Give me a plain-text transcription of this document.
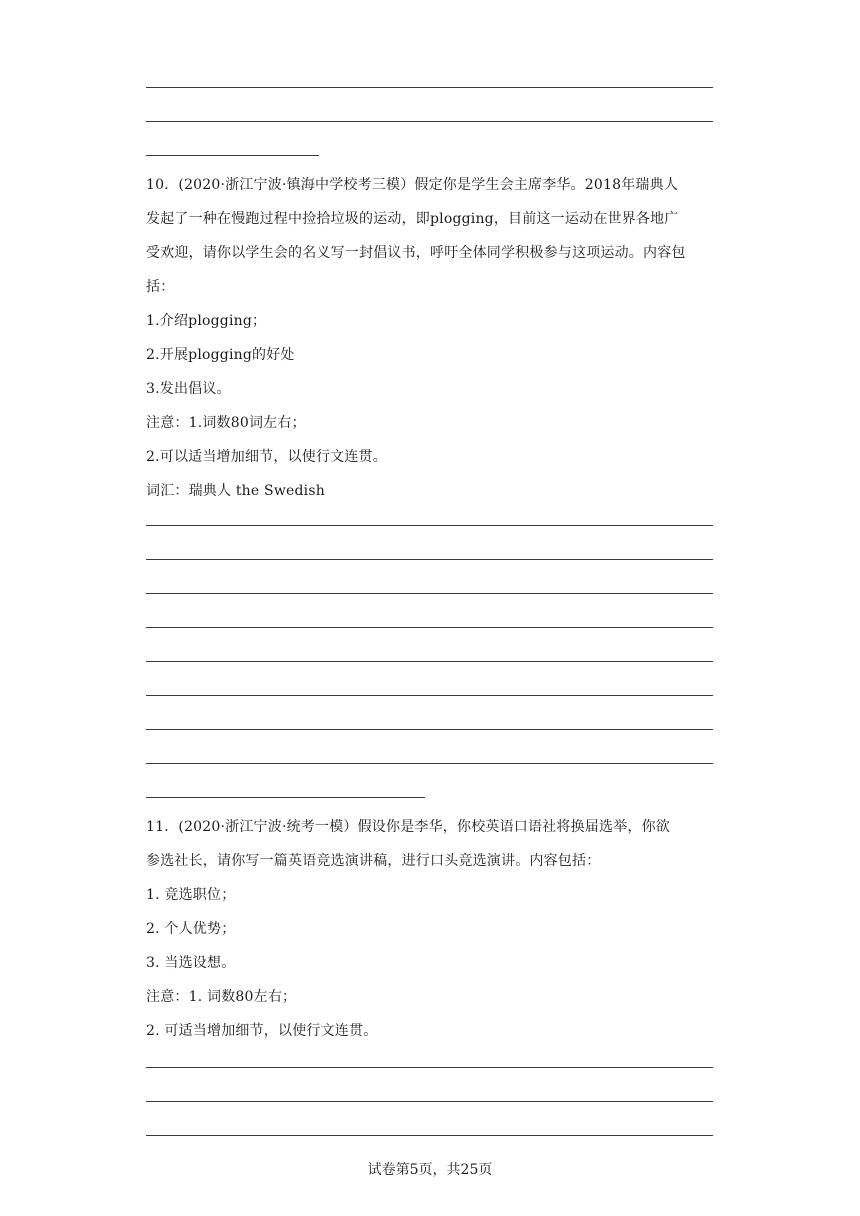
10．(2020·浙江宁波·镇海中学校考三模）假定你是学生会主席李华。2018年瑞典人
发起了一种在慢跑过程中捡拾垃圾的运动，即plogging，目前这一运动在世界各地广
受欢迎，请你以学生会的名义写一封倡议书，呼吁全体同学积极参与这项运动。内容包
括：
1.介绍plogging；
2.开展plogging的好处
3.发出倡议。
注意：1.词数80词左右；
2.可以适当增加细节，以使行文连贯。
词汇：瑞典人 the Swedish
11．(2020·浙江宁波·统考一模）假设你是李华，你校英语口语社将换届选举，你欲
参选社长，请你写一篇英语竞选演讲稿，进行口头竞选演讲。内容包括：
1. 竞选职位；
2. 个人优势；
3. 当选设想。
注意：1. 词数80左右；
2. 可适当增加细节，以使行文连贯。
试卷第5页，共25页
